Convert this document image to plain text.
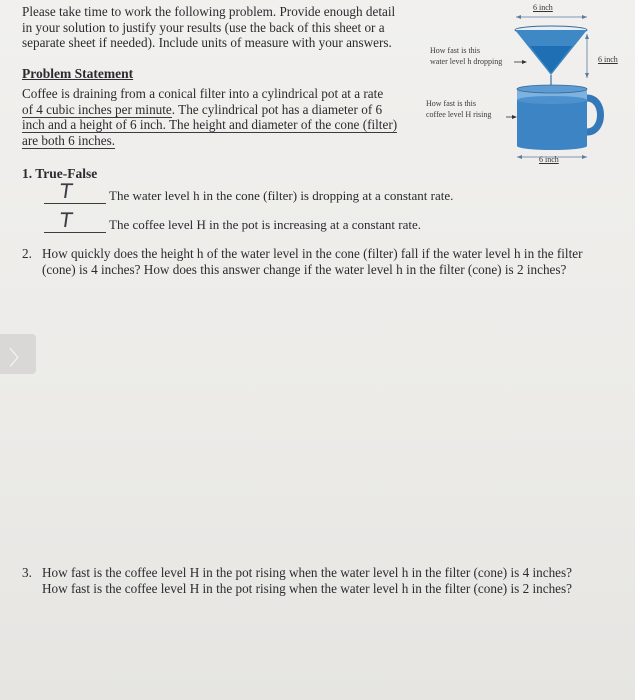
Please take time to work the following problem. Provide enough detail
in your solution to justify your results (use the back of this sheet or a
separate sheet if needed). Include units of measure with your answers.
Problem Statement
Coffee is draining from a conical filter into a cylindrical pot at a rate
of 4 cubic inches per minute. The cylindrical pot has a diameter of 6
inch and a height of 6 inch. The height and diameter of the cone (filter)
are both 6 inches.
6 inch
6 inch
6 inch
How fast is this
water level h dropping
How fast is this
coffee level H rising
1. True-False
T	The water level h in the cone (filter) is dropping at a constant rate.
T	The coffee level H in the pot is increasing at a constant rate.
2. How quickly does the height h of the water level in the cone (filter) fall if the water level h in the filter
(cone) is 4 inches? How does this answer change if the water level h in the filter (cone) is 2 inches?
〉
3. How fast is the coffee level H in the pot rising when the water level h in the filter (cone) is 4 inches?
How fast is the coffee level H in the pot rising when the water level h in the filter (cone) is 2 inches?
